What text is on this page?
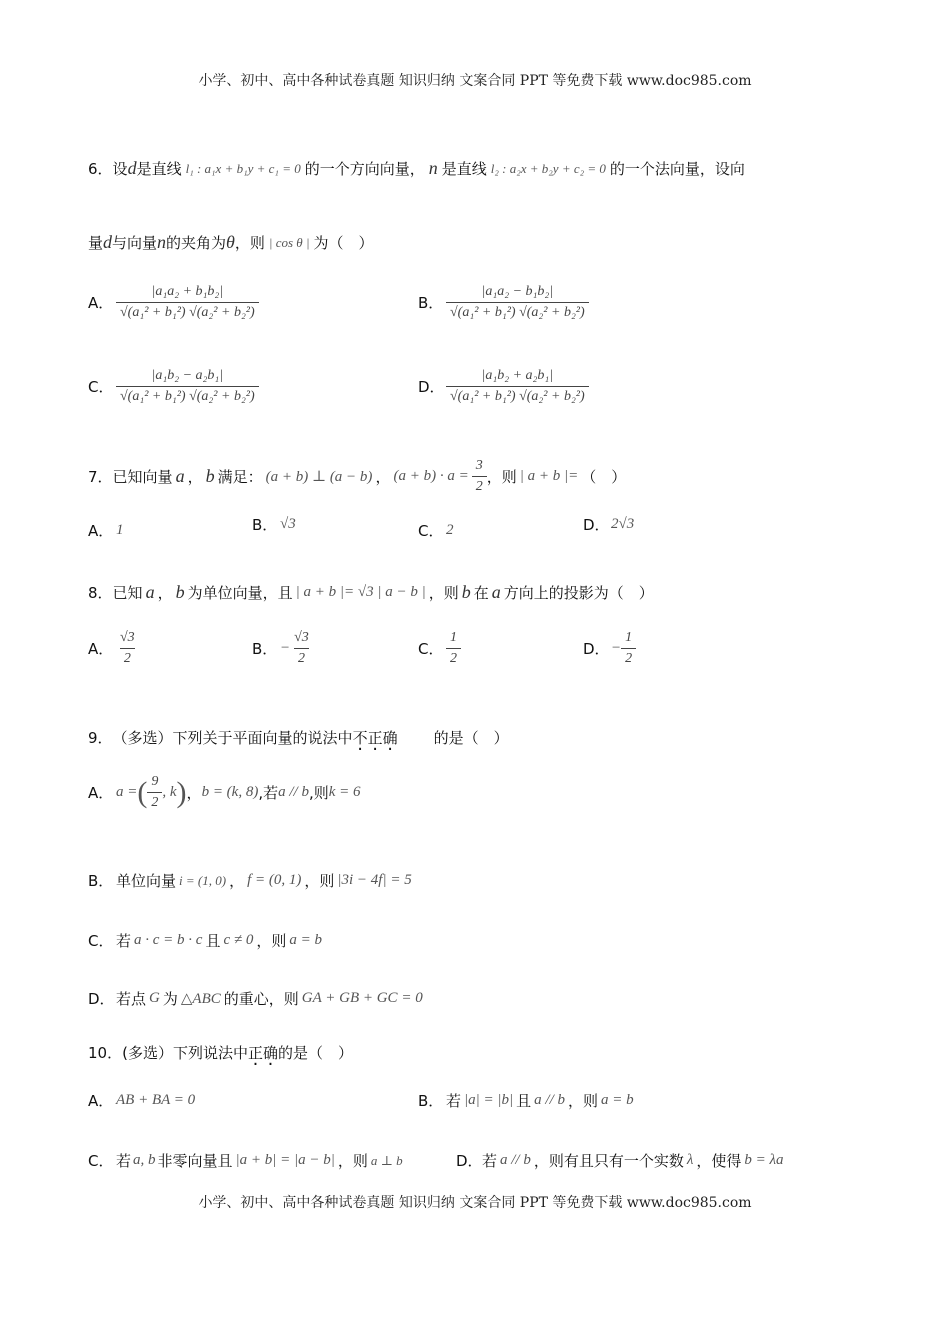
小学、初中、高中各种试卷真题 知识归纳 文案合同 PPT 等免费下载 www.doc985.com
6． 设 d 是直线 l₁ : a₁x + b₁y + c₁ = 0 的一个方向向量， n 是直线 l₂ : a₂x + b₂y + c₂ = 0 的一个法向量，设向
量 d 与向量 n 的夹角为 θ ，则 | cos θ | 为（　）
A． $\frac{\text{|a₁a₂ + b₁b₂|}}{\text{√(a₁² + b₁²) √(a₂² + b₂²)}}$	B． $\frac{\text{|a₁a₂ − b₁b₂|}}{\text{√(a₁² + b₁²) √(a₂² + b₂²)}}$
C． $\frac{\text{|a₁b₂ − a₂b₁|}}{\text{√(a₁² + b₁²) √(a₂² + b₂²)}}$	D． $\frac{\text{|a₁b₂ + a₂b₁|}}{\text{√(a₁² + b₁²) √(a₂² + b₂²)}}$
7． 已知向量 a ， b 满足： (a + b) ⊥ (a − b) ， $(a + b) \cdot a = \frac{3}{2}$ ，则 | a + b |= （　）
A． 1	B． √3	C． 2	D． 2√3
8． 已知 a ， b 为单位向量，且 | a + b |= √3 | a − b | ，则 b 在 a 方向上的投影为（　）
A． $\frac{√3}{2}$	B． − $\frac{√3}{2}$	C． $\frac{1}{2}$	D． − $\frac{1}{2}$
9． （多选）下列关于平面向量的说法中 不 · 正 · 确 · 的是（　）
A． a = ( $\frac{9}{2}$ , k ) ， b = (k, 8) ,若 a // b ,则 k = 6
B． 单位向量 i = (1, 0) ， f = (0, 1) ，则 |3i − 4f| = 5
C． 若 a · c = b · c 且 c ≠ 0 ，则 a = b
D． 若点 G 为 △ABC 的重心，则 GA + GB + GC = 0
10． (多选）下列说法中 正 · 确 · 的是（　）
A． AB + BA = 0	B． 若 |a| = |b| 且 a // b ，则 a = b
C． 若 a, b 非零向量且 |a + b| = |a − b| ，则 a ⊥ b	D． 若 a // b ，则有且只有一个实数 λ ，使得 b = λa
小学、初中、高中各种试卷真题 知识归纳 文案合同 PPT 等免费下载 www.doc985.com
